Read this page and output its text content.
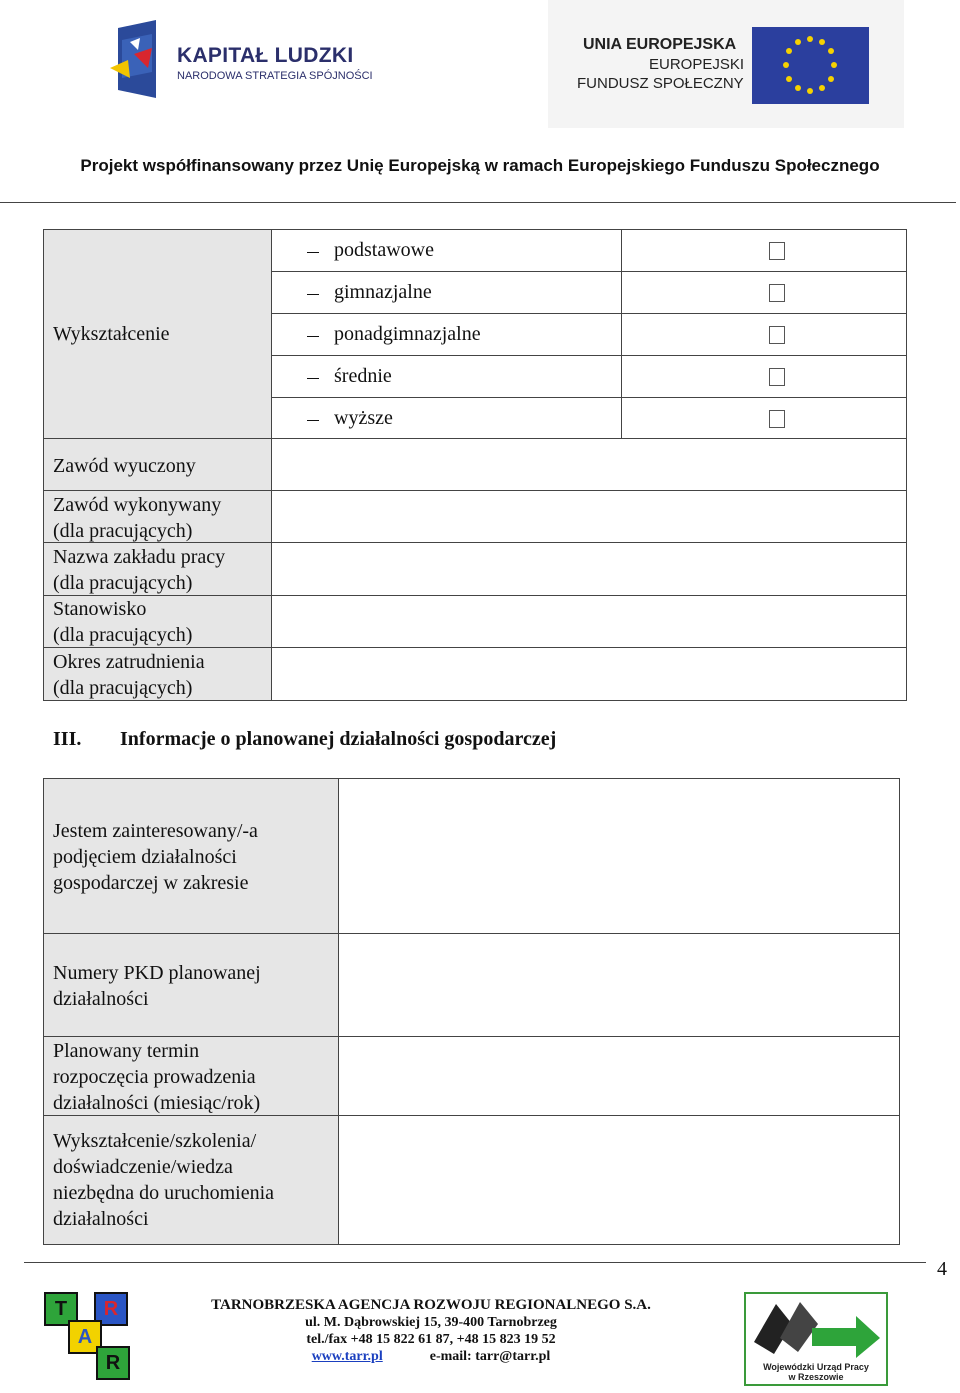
KAPITAŁ LUDZKI
NARODOWA STRATEGIA SPÓJNOŚCI
UNIA EUROPEJSKA
EUROPEJSKI
FUNDUSZ SPOŁECZNY
Projekt współfinansowany przez Unię Europejską w ramach Europejskiego Funduszu Społecznego
Wykształcenie
podstawowe
gimnazjalne
ponadgimnazjalne
średnie
wyższe
Zawód wyuczony
Zawód wykonywany
(dla pracujących)
Nazwa zakładu pracy
(dla pracujących)
Stanowisko
(dla pracujących)
Okres zatrudnienia
(dla pracujących)
III. Informacje o planowanej działalności gospodarczej
Jestem zainteresowany/-a
podjęciem działalności
gospodarczej w zakresie
Numery PKD planowanej
działalności
Planowany termin
rozpoczęcia prowadzenia
działalności (miesiąc/rok)
Wykształcenie/szkolenia/
doświadczenie/wiedza
niezbędna do uruchomienia
działalności
4
T	R
A
R
TARNOBRZESKA AGENCJA ROZWOJU REGIONALNEGO S.A.
ul. M. Dąbrowskiej 15, 39-400 Tarnobrzeg
tel./fax +48 15 822 61 87, +48 15 823 19 52
www.tarr.pl	e-mail: tarr@tarr.pl
Wojewódzki Urząd Pracy
w Rzeszowie
